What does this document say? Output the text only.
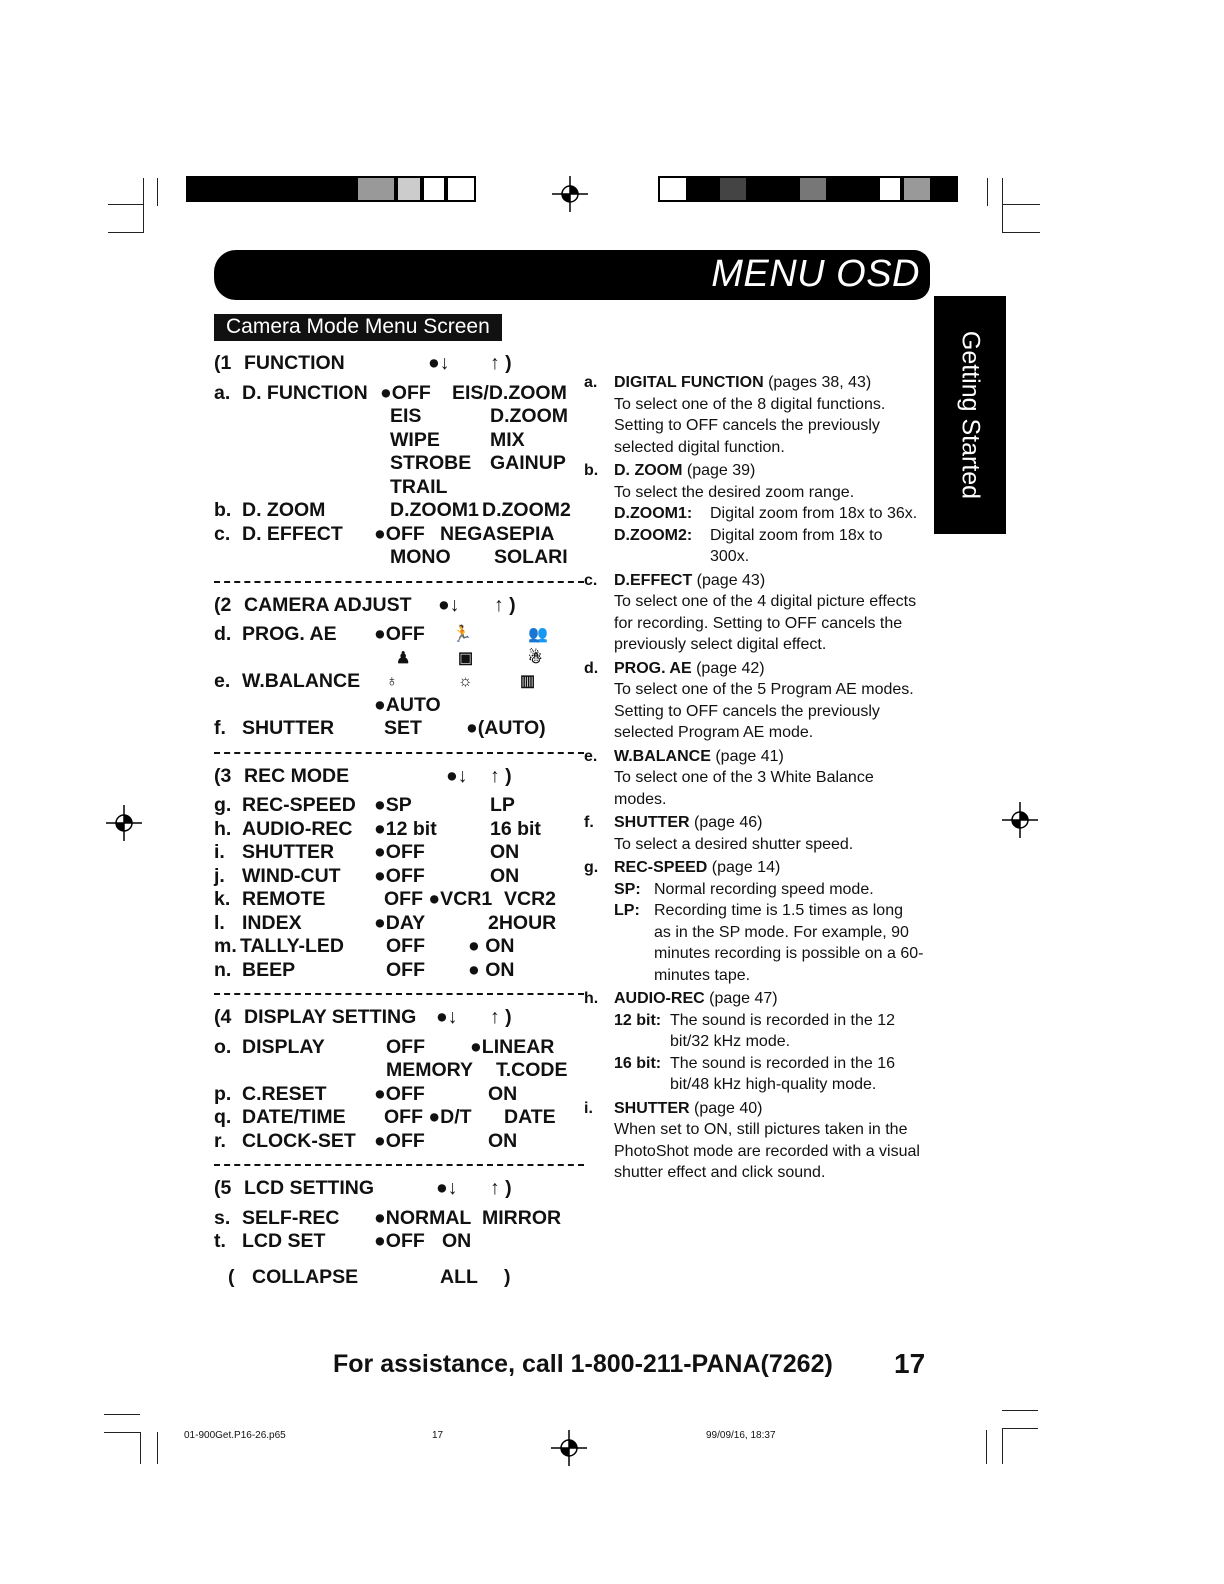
MENU OSD
Camera Mode Menu Screen
Getting Started
(1 FUNCTION	●↓ ↑ )
a. D. FUNCTION ●OFF EIS/D.ZOOM
EIS	D.ZOOM
WIPE	MIX
STROBE GAINUP
TRAIL
b. D. ZOOM	D.ZOOM1 D.ZOOM2
c. D. EFFECT ●OFF NEGA SEPIA
MONO SOLARI
(2 CAMERA ADJUST ●↓ ↑ )
d. PROG. AE ●OFF 🏃	👥
♟	▣	☃
e. W.BALANCE ♁	☼	▥
●AUTO
f. SHUTTER	SET ●(AUTO)
(3 REC MODE	●↓ ↑ )
g. REC-SPEED ●SP	LP
h. AUDIO-REC ●12 bit	16 bit
i. SHUTTER ●OFF	ON
j. WIND-CUT ●OFF	ON
k. REMOTE	OFF ●VCR1 VCR2
l. INDEX	●DAY	2HOUR
m. TALLY-LED OFF ● ON
n. BEEP	OFF ● ON
(4 DISPLAY SETTING ●↓ ↑ )
o. DISPLAY	OFF ●LINEAR
MEMORY T.CODE
p. C.RESET ●OFF	ON
q. DATE/TIME OFF ●D/T DATE
r. CLOCK-SET ●OFF	ON
(5 LCD SETTING	●↓ ↑ )
s. SELF-REC ●NORMAL MIRROR
t. LCD SET ●OFF ON
( COLLAPSE	ALL )
a. DIGITAL FUNCTION (pages 38, 43)
To select one of the 8 digital functions. Setting to OFF cancels the previously selected digital function.
b. D. ZOOM (page 39)
To select the desired zoom range.
D.ZOOM1: Digital zoom from 18x to 36x.
D.ZOOM2: Digital zoom from 18x to 300x.
c. D.EFFECT (page 43)
To select one of the 4 digital picture effects for recording. Setting to OFF cancels the previously select digital effect.
d. PROG. AE (page 42)
To select one of the 5 Program AE modes. Setting to OFF cancels the previously selected Program AE mode.
e. W.BALANCE (page 41)
To select one of the 3 White Balance modes.
f. SHUTTER (page 46)
To select a desired shutter speed.
g. REC-SPEED (page 14)
SP: Normal recording speed mode.
LP: Recording time is 1.5 times as long as in the SP mode. For example, 90 minutes recording is possible on a 60-minutes tape.
h. AUDIO-REC (page 47)
12 bit: The sound is recorded in the 12 bit/32 kHz mode.
16 bit: The sound is recorded in the 16 bit/48 kHz high-quality mode.
i. SHUTTER (page 40)
When set to ON, still pictures taken in the PhotoShot mode are recorded with a visual shutter effect and click sound.
For assistance, call 1-800-211-PANA(7262) 17
01-900Get.P16-26.p65	17	99/09/16, 18:37
